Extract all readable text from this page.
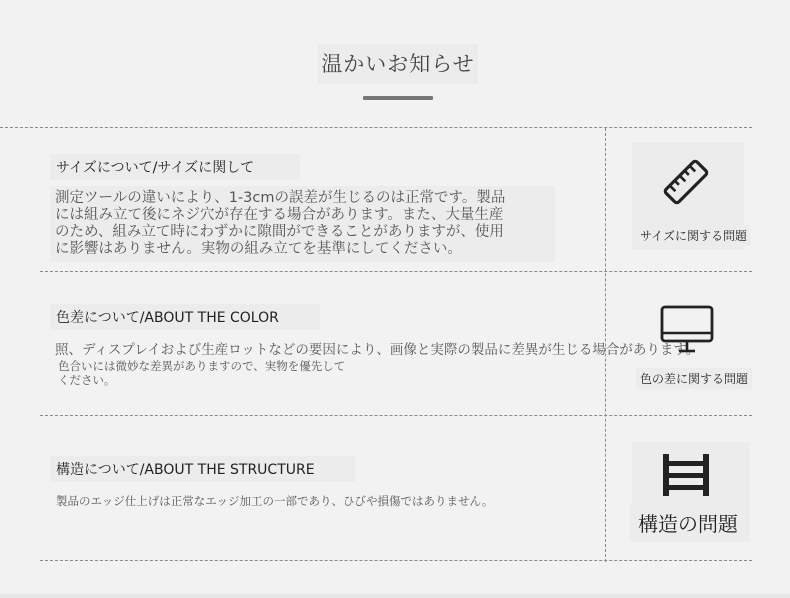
温かいお知らせ
サイズについて/サイズに関して
測定ツールの違いにより、1-3cmの誤差が生じるのは正常です。製品
には組み立て後にネジ穴が存在する場合があります。また、大量生産
のため、組み立て時にわずかに隙間ができることがありますが、使用
に影響はありません。実物の組み立てを基準にしてください。
サイズに関する問題
色差について/ABOUT THE COLOR
照、ディスプレイおよび生産ロットなどの要因により、画像と実際の製品に差異が生じる場合があります。
色合いには微妙な差異がありますので、実物を優先して
ください。	色の差に関する問題
構造について/ABOUT THE STRUCTURE
製品のエッジ仕上げは正常なエッジ加工の一部であり、ひびや損傷ではありません。
構造の問題
